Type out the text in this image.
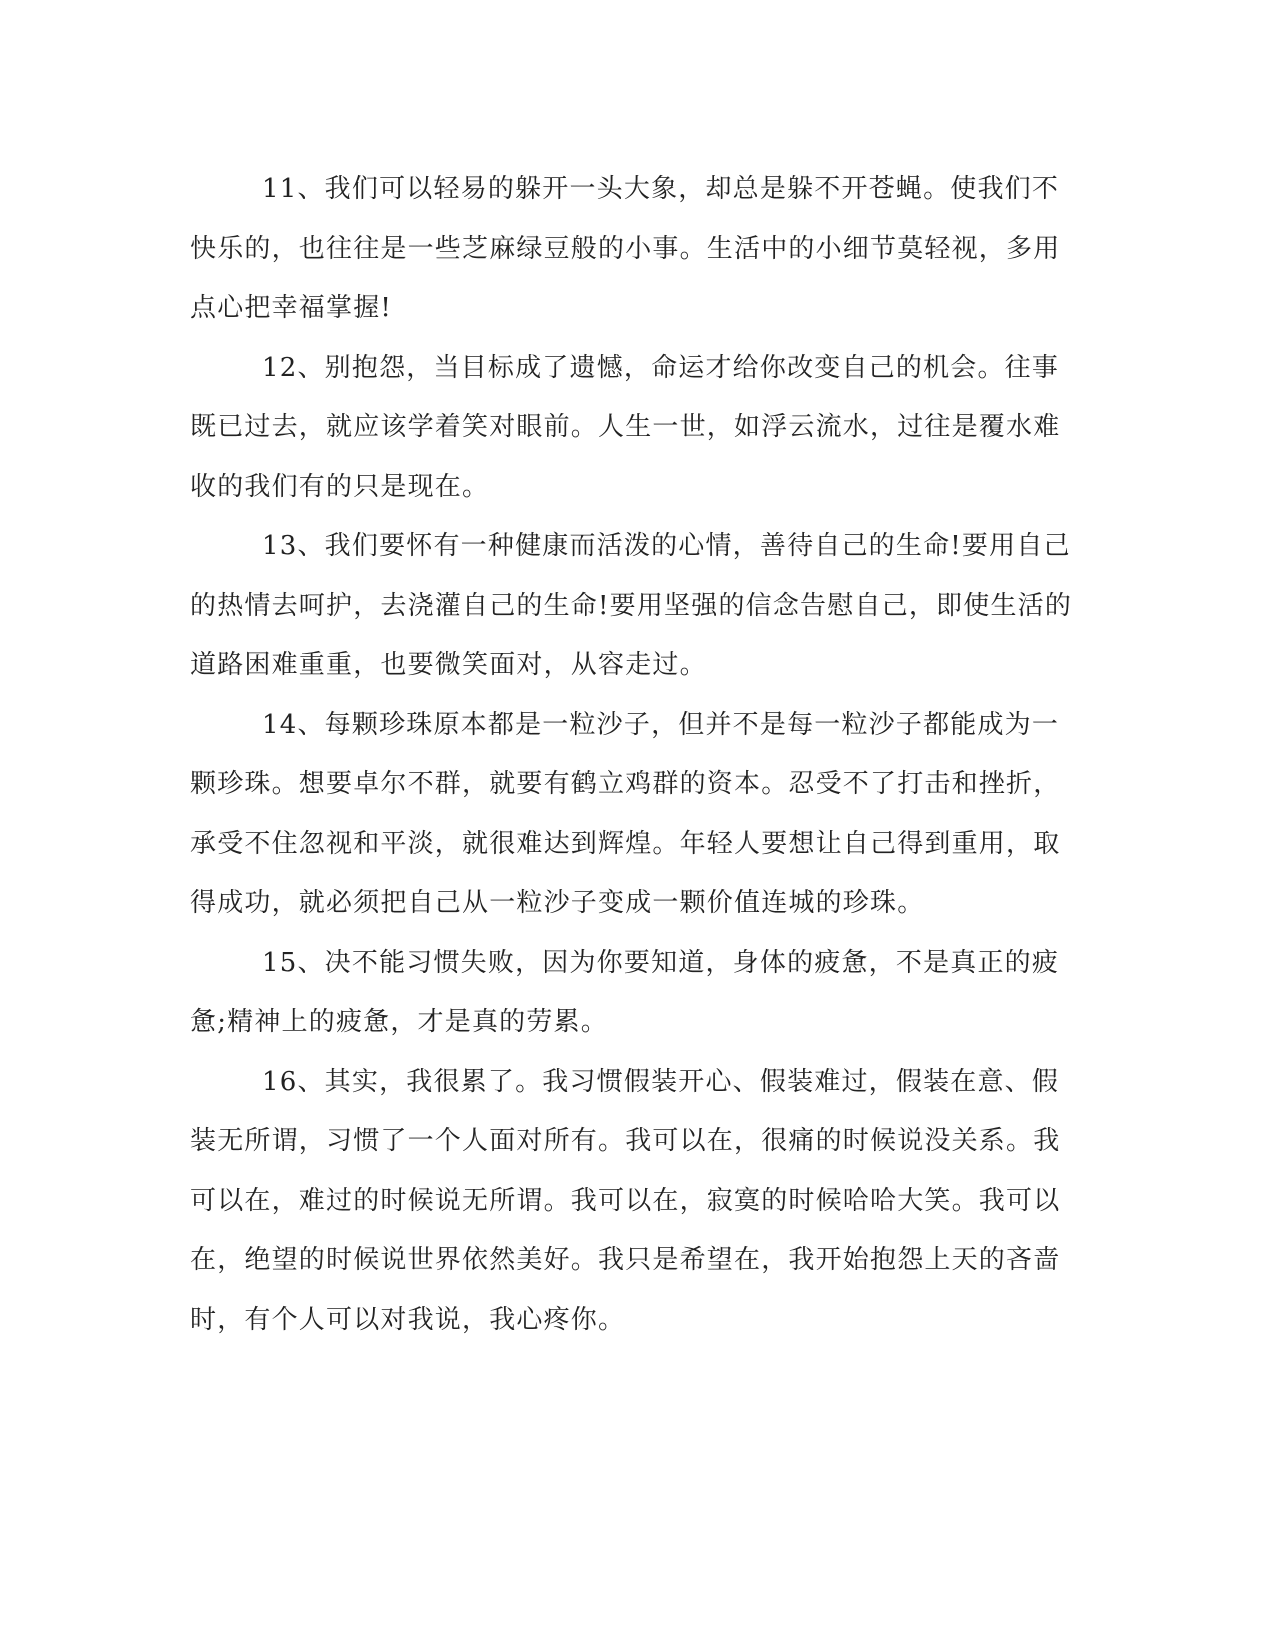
11、我们可以轻易的躲开一头大象，却总是躲不开苍蝇。使我们不快乐的，也往往是一些芝麻绿豆般的小事。生活中的小细节莫轻视，多用点心把幸福掌握!

12、别抱怨，当目标成了遗憾，命运才给你改变自己的机会。往事既已过去，就应该学着笑对眼前。人生一世，如浮云流水，过往是覆水难收的我们有的只是现在。

13、我们要怀有一种健康而活泼的心情，善待自己的生命!要用自己的热情去呵护，去浇灌自己的生命!要用坚强的信念告慰自己，即使生活的道路困难重重，也要微笑面对，从容走过。

14、每颗珍珠原本都是一粒沙子，但并不是每一粒沙子都能成为一颗珍珠。想要卓尔不群，就要有鹤立鸡群的资本。忍受不了打击和挫折，承受不住忽视和平淡，就很难达到辉煌。年轻人要想让自己得到重用，取得成功，就必须把自己从一粒沙子变成一颗价值连城的珍珠。

15、决不能习惯失败，因为你要知道，身体的疲惫，不是真正的疲惫;精神上的疲惫，才是真的劳累。

16、其实，我很累了。我习惯假装开心、假装难过，假装在意、假装无所谓，习惯了一个人面对所有。我可以在，很痛的时候说没关系。我可以在，难过的时候说无所谓。我可以在，寂寞的时候哈哈大笑。我可以在，绝望的时候说世界依然美好。我只是希望在，我开始抱怨上天的吝啬时，有个人可以对我说，我心疼你。
